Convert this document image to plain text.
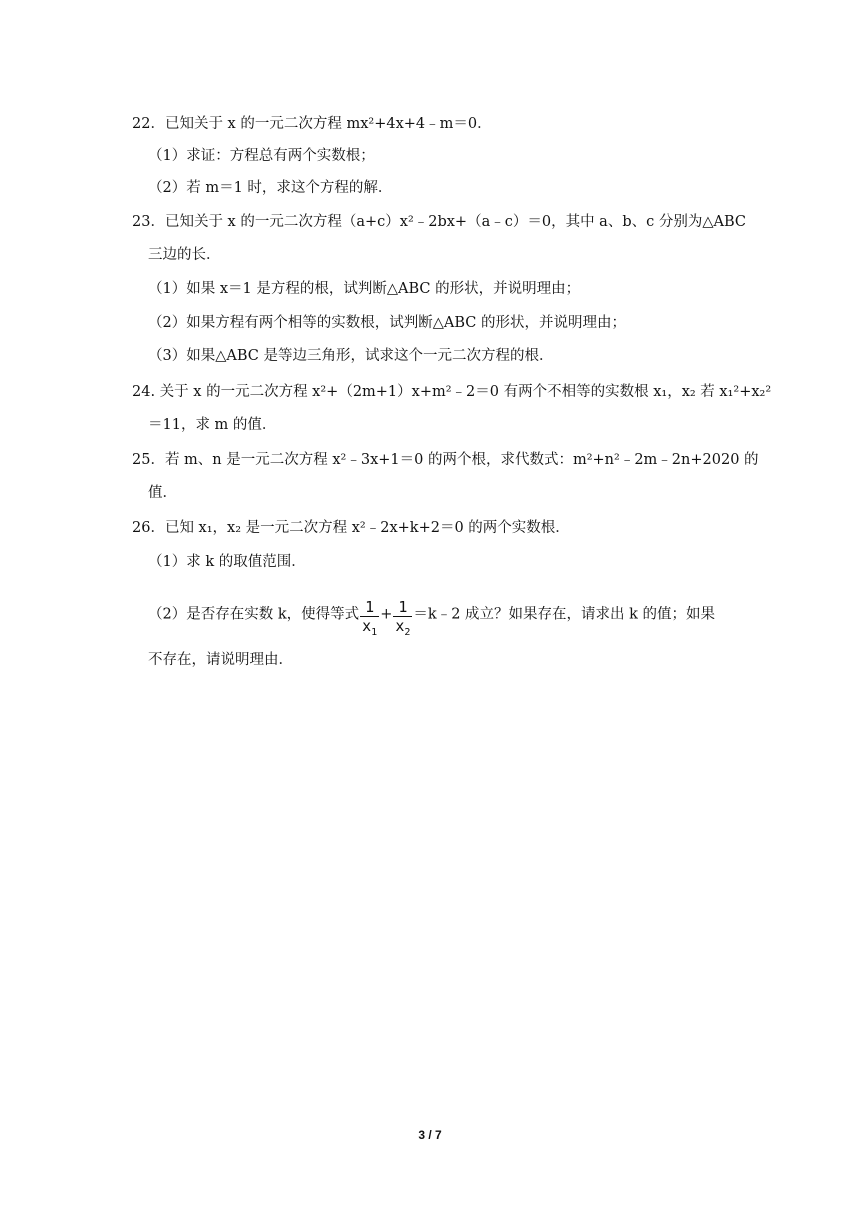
22．已知关于 x 的一元二次方程 mx²+4x+4﹣m＝0．
（1）求证：方程总有两个实数根；
（2）若 m＝1 时，求这个方程的解．
23．已知关于 x 的一元二次方程（a+c）x²﹣2bx+（a﹣c）＝0，其中 a、b、c 分别为△ABC
三边的长．
（1）如果 x＝1 是方程的根，试判断△ABC 的形状，并说明理由；
（2）如果方程有两个相等的实数根，试判断△ABC 的形状，并说明理由；
（3）如果△ABC 是等边三角形，试求这个一元二次方程的根．
24. 关于 x 的一元二次方程 x²+（2m+1）x+m²﹣2＝0 有两个不相等的实数根 x₁，x₂ 若 x₁²+x₂²
＝11，求 m 的值．
25．若 m、n 是一元二次方程 x²﹣3x+1＝0 的两个根，求代数式：m²+n²﹣2m﹣2n+2020 的
值．
26．已知 x₁，x₂ 是一元二次方程 x²﹣2x+k+2＝0 的两个实数根．
（1）求 k 的取值范围．
（2）是否存在实数 k，使得等式 $\frac{1}{x_1} + \frac{1}{x_2}$ ＝k﹣2 成立？如果存在，请求出 k 的值；如果
不存在，请说明理由．
3 / 7
